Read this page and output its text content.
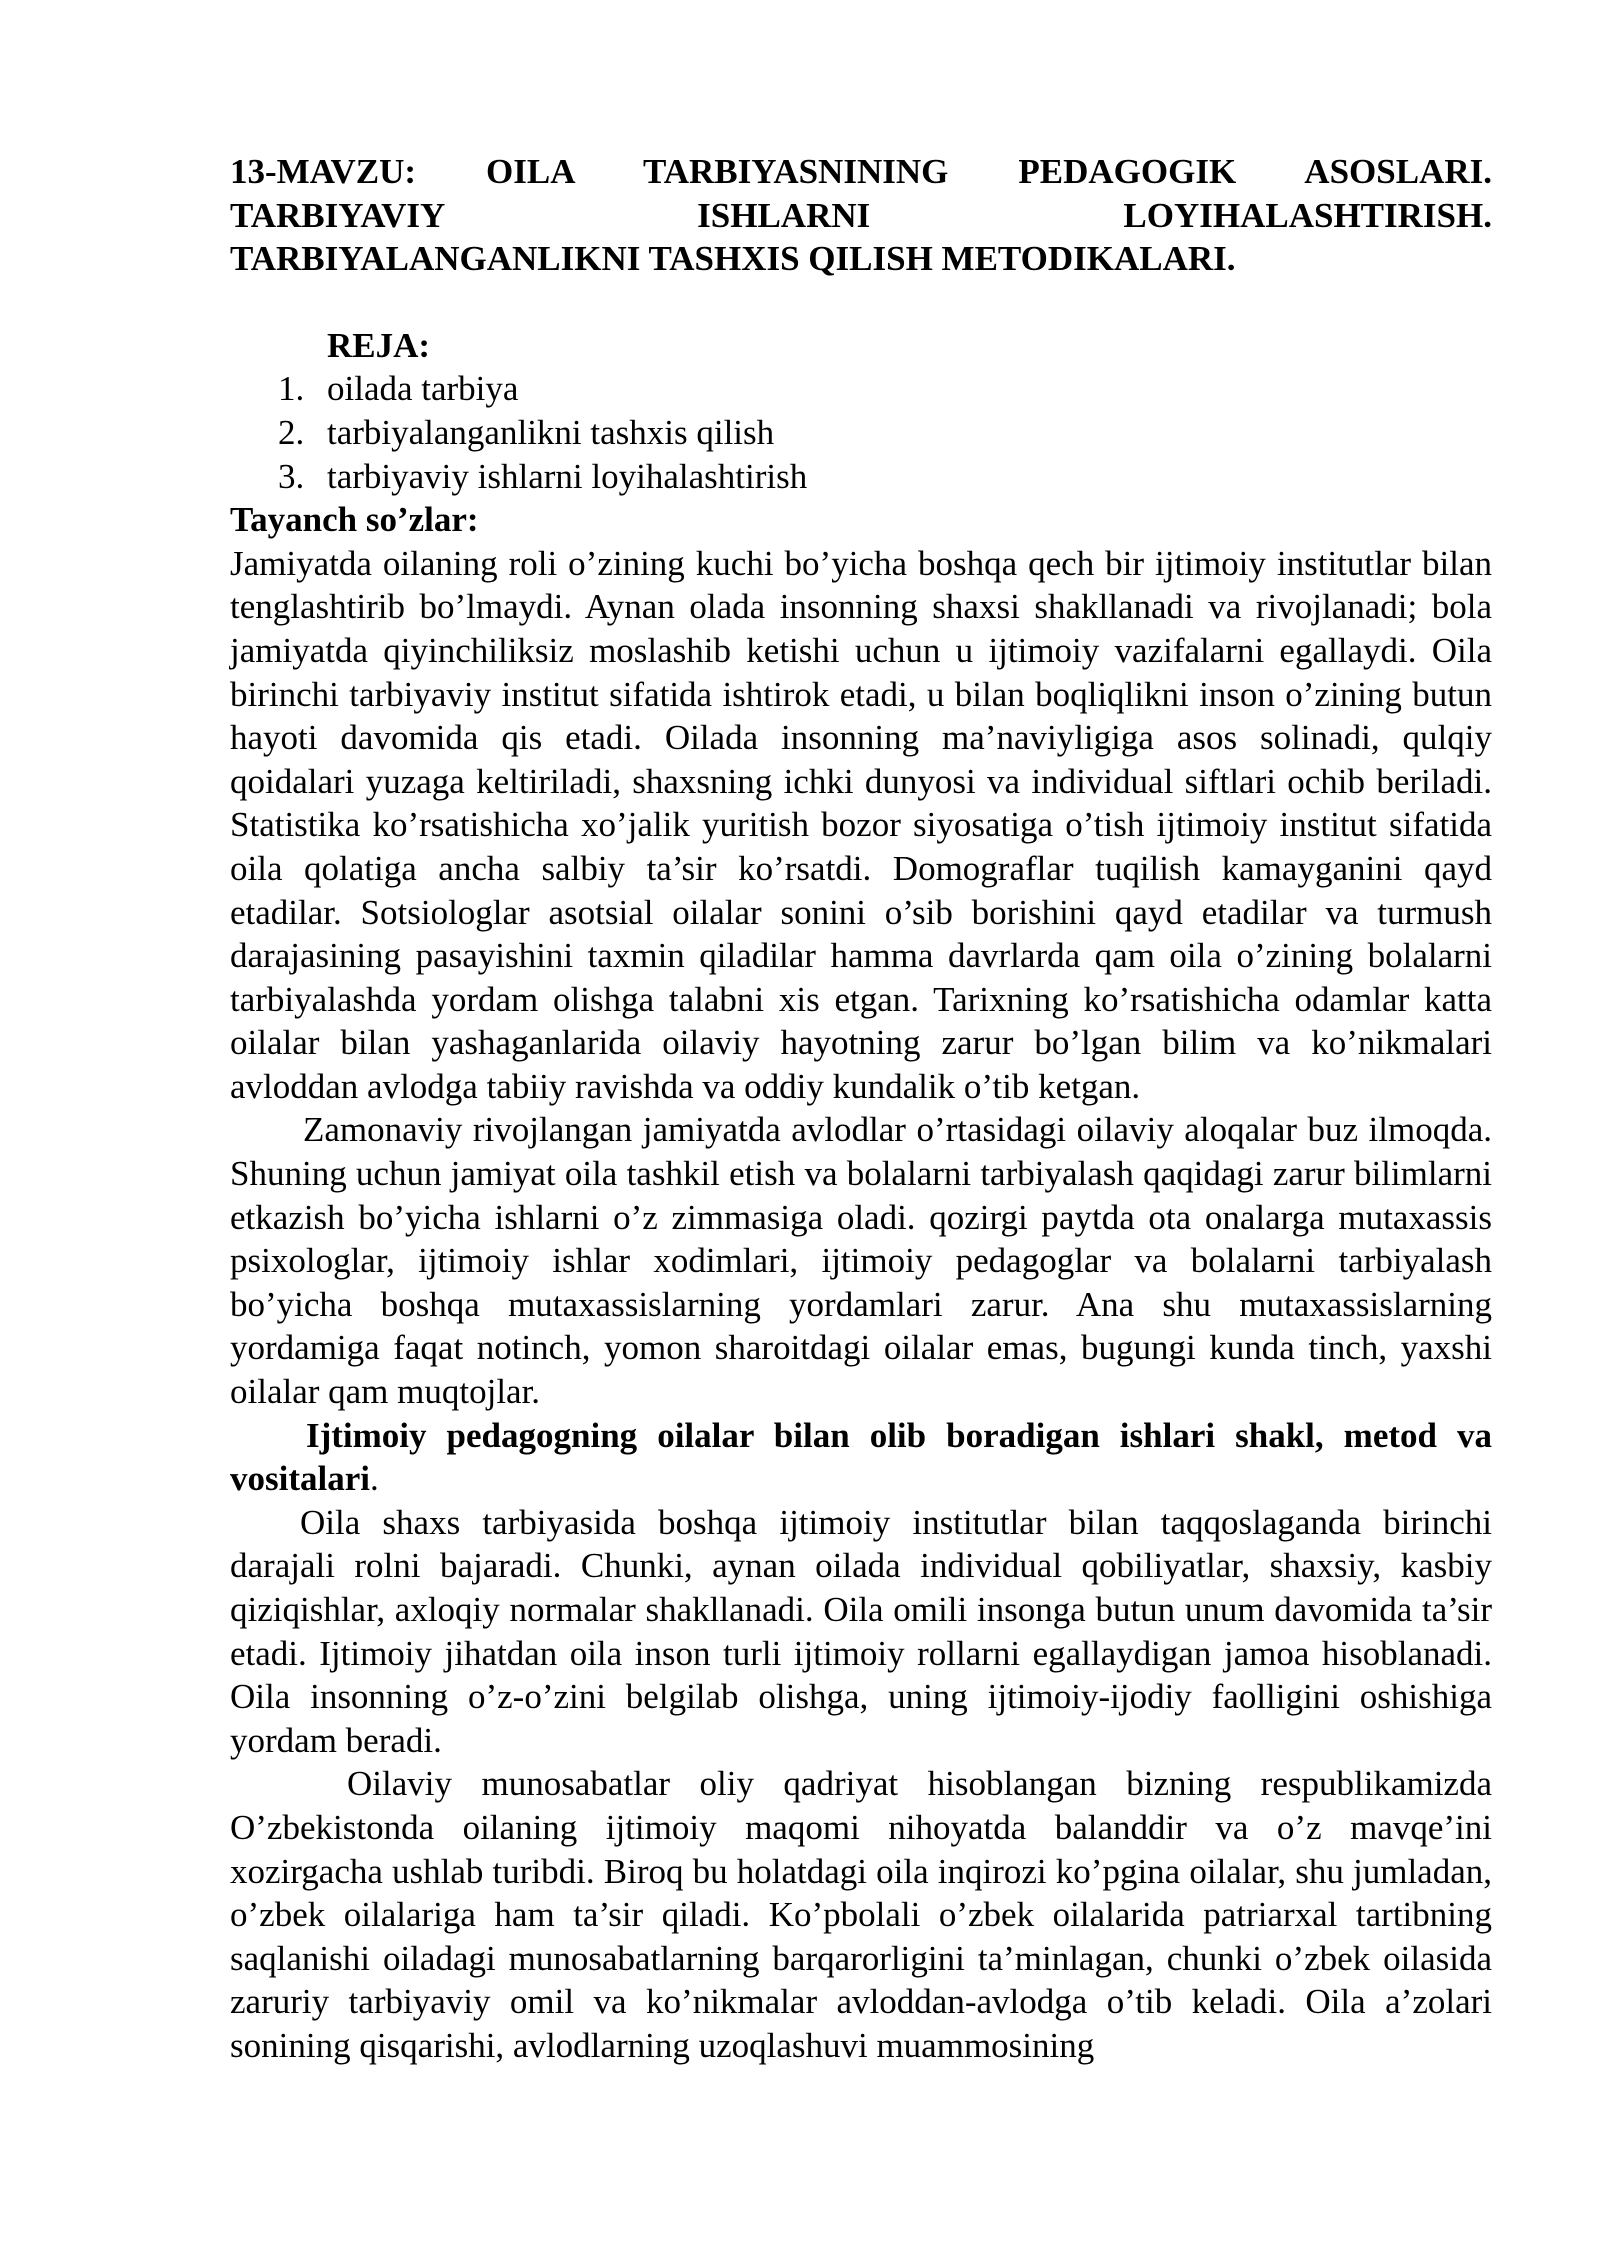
13-MAVZU: OILA TARBIYASNINING PEDAGOGIK ASOSLARI.
TARBIYAVIY ISHLARNI LOYIHALASHTIRISH.
TARBIYALANGANLIKNI TASHXIS QILISH METODIKALARI.
REJA:
1. oilada tarbiya
2. tarbiyalanganlikni tashxis qilish
3. tarbiyaviy ishlarni loyihalashtirish
Tayanch so’zlar:

Jamiyatda oilaning roli o’zining kuchi bo’yicha boshqa qech bir ijtimoiy institutlar bilan tenglashtirib bo’lmaydi. Aynan olada insonning shaxsi shakllanadi va rivojlanadi; bola jamiyatda qiyinchiliksiz moslashib ketishi uchun u ijtimoiy vazifalarni egallaydi. Oila birinchi tarbiyaviy institut sifatida ishtirok etadi, u bilan boqliqlikni inson o’zining butun hayoti davomida qis etadi. Oilada insonning ma’naviyligiga asos solinadi, qulqiy qoidalari yuzaga keltiriladi, shaxsning ichki dunyosi va individual siftlari ochib beriladi. Statistika ko’rsatishicha xo’jalik yuritish bozor siyosatiga o’tish ijtimoiy institut sifatida oila qolatiga ancha salbiy ta’sir ko’rsatdi. Domograflar tuqilish kamayganini qayd etadilar. Sotsiologlar asotsial oilalar sonini o’sib borishini qayd etadilar va turmush darajasining pasayishini taxmin qiladilar hamma davrlarda qam oila o’zining bolalarni tarbiyalashda yordam olishga talabni xis etgan. Tarixning ko’rsatishicha odamlar katta oilalar bilan yashaganlarida oilaviy hayotning zarur bo’lgan bilim va ko’nikmalari avloddan avlodga tabiiy ravishda va oddiy kundalik o’tib ketgan.

Zamonaviy rivojlangan jamiyatda avlodlar o’rtasidagi oilaviy aloqalar buz ilmoqda. Shuning uchun jamiyat oila tashkil etish va bolalarni tarbiyalash qaqidagi zarur bilimlarni etkazish bo’yicha ishlarni o’z zimmasiga oladi. qozirgi paytda ota onalarga mutaxassis psixologlar, ijtimoiy ishlar xodimlari, ijtimoiy pedagoglar va bolalarni tarbiyalash bo’yicha boshqa mutaxassislarning yordamlari zarur. Ana shu mutaxassislarning yordamiga faqat notinch, yomon sharoitdagi oilalar emas, bugungi kunda tinch, yaxshi oilalar qam muqtojlar.

Ijtimoiy pedagogning oilalar bilan olib boradigan ishlari shakl, metod va vositalari.

Oila shaxs tarbiyasida boshqa ijtimoiy institutlar bilan taqqoslaganda birinchi darajali rolni bajaradi. Chunki, aynan oilada individual qobiliyatlar, shaxsiy, kasbiy qiziqishlar, axloqiy normalar shakllanadi. Oila omili insonga butun unum davomida ta’sir etadi. Ijtimoiy jihatdan oila inson turli ijtimoiy rollarni egallaydigan jamoa hisoblanadi. Oila insonning o’z-o’zini belgilab olishga, uning ijtimoiy-ijodiy faolligini oshishiga yordam beradi.

Oilaviy munosabatlar oliy qadriyat hisoblangan bizning respublikamizda O’zbekistonda oilaning ijtimoiy maqomi nihoyatda balanddir va o’z mavqe’ini xozirgacha ushlab turibdi. Biroq bu holatdagi oila inqirozi ko’pgina oilalar, shu jumladan, o’zbek oilalariga ham ta’sir qiladi. Ko’pbolali o’zbek oilalarida patriarxal tartibning saqlanishi oiladagi munosabatlarning barqarorligini ta’minlagan, chunki o’zbek oilasida zaruriy tarbiyaviy omil va ko’nikmalar avloddan-avlodga o’tib keladi. Oila a’zolari sonining qisqarishi, avlodlarning uzoqlashuvi muammosining
